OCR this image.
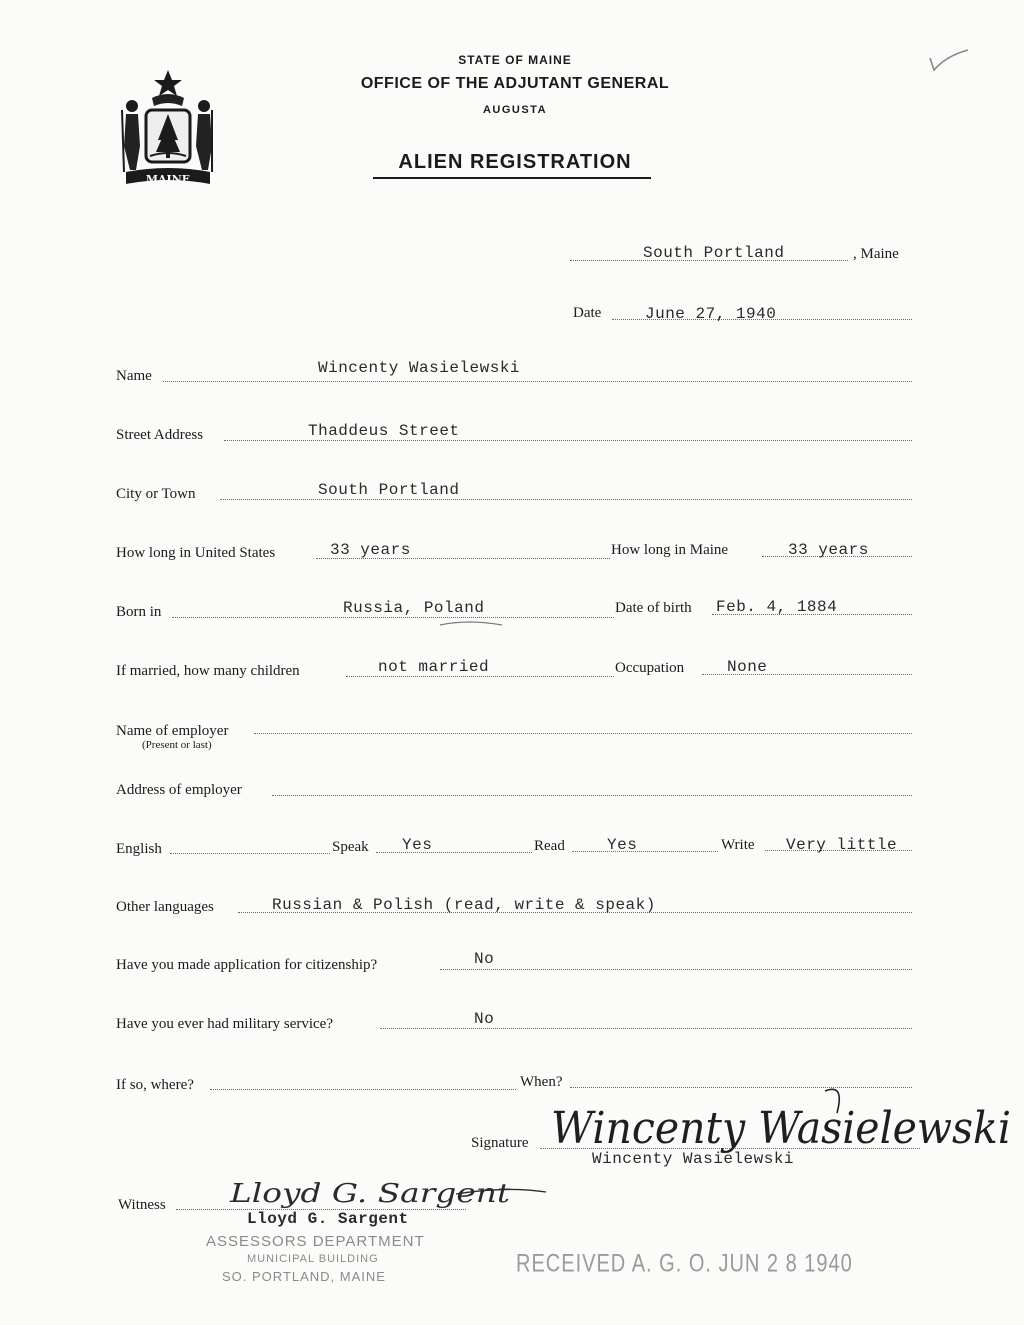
MAINE
STATE OF MAINE
OFFICE OF THE ADJUTANT GENERAL
AUGUSTA
ALIEN REGISTRATION
South Portland	, Maine
Date	June 27, 1940
Name	Wincenty Wasielewski
Street Address	Thaddeus Street
City or Town	South Portland
How long in United States	33 years	How long in Maine	33 years
Born in	Russia, Poland	Date of birth Feb. 4, 1884
If married, how many children	not married	Occupation	None
Name of employer
(Present or last)
Address of employer
English	Speak Yes	Read	Yes	Write Very little
Other languages	Russian & Polish (read, write & speak)
Have you made application for citizenship?	No
Have you ever had military service?	No
If so, where?	When?
Signature Wincenty Wasielewski
Wincenty Wasielewski
Witness Lloyd G. Sargent
Lloyd G. Sargent
ASSESSORS DEPARTMENT
MUNICIPAL BUILDING
SO. PORTLAND, MAINE	RECEIVED A. G. O. JUN 2 8 1940
